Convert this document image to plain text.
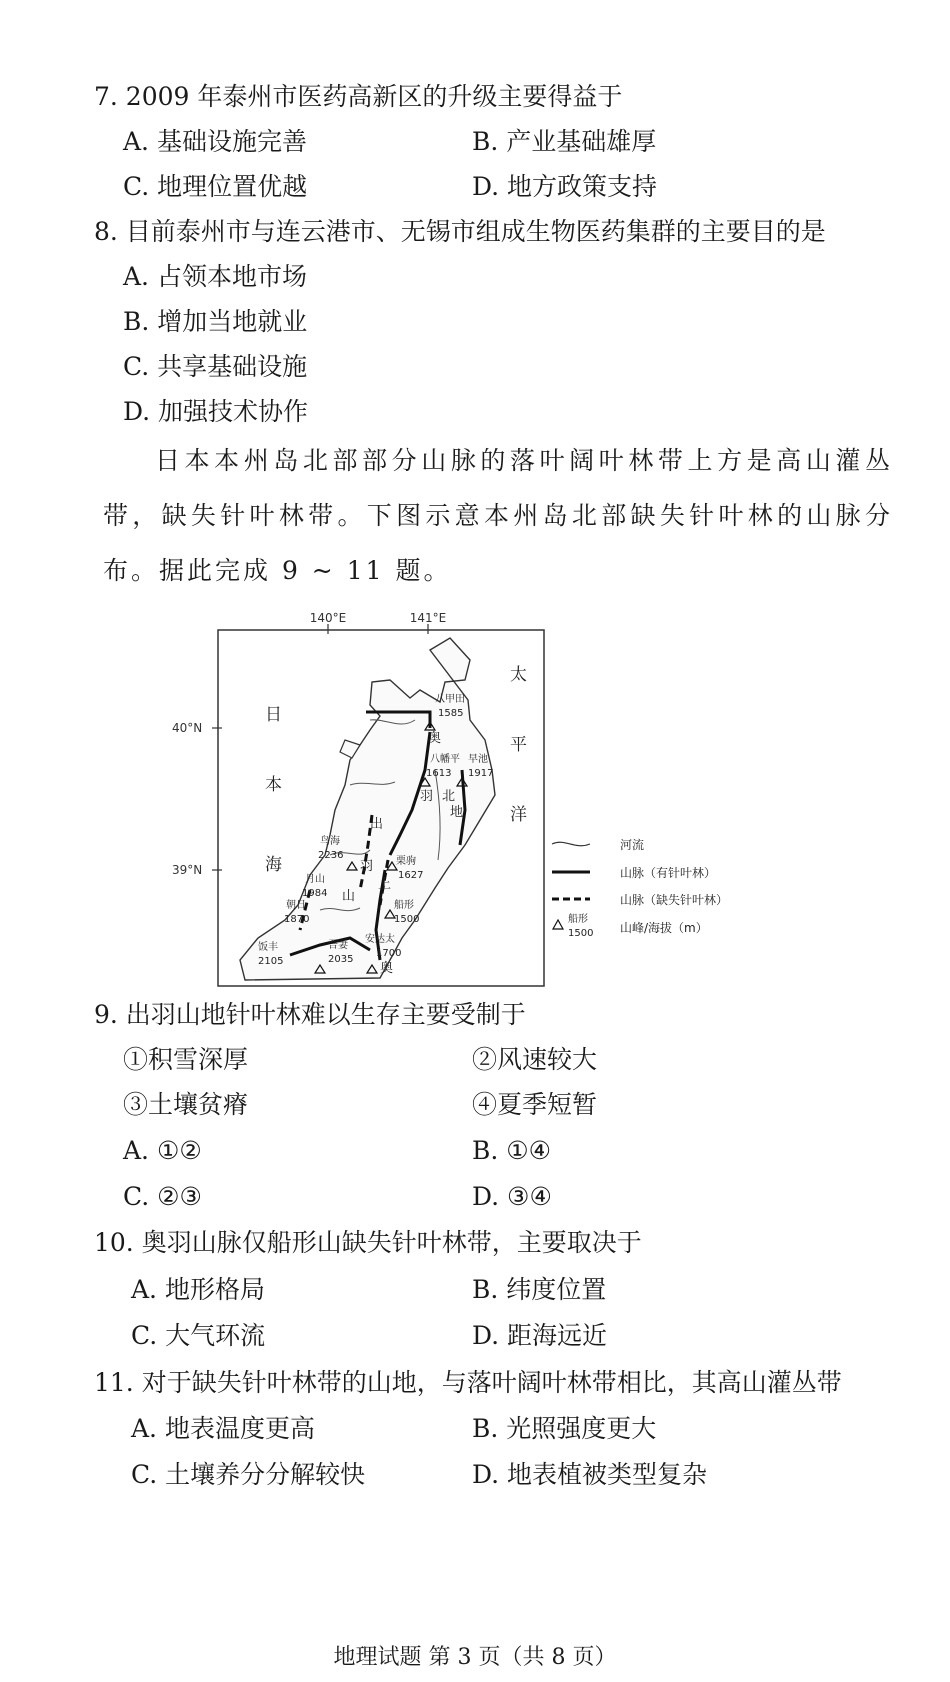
7. 2009 年泰州市医药高新区的升级主要得益于
A. 基础设施完善	B. 产业基础雄厚
C. 地理位置优越	D. 地方政策支持
8. 目前泰州市与连云港市、无锡市组成生物医药集群的主要目的是
A. 占领本地市场
B. 增加当地就业
C. 共享基础设施
D. 加强技术协作
日本本州岛北部部分山脉的落叶阔叶林带上方是高山灌丛带，缺失针叶林带。下图示意本州岛北部缺失针叶林的山脉分布。据此完成 9 ~ 11 题。
140°E	141°E
40°N
39°N
日
本
海
太
平
洋
奥
羽
出
羽
山
北
上
地
奥
八甲田
1585
八幡平
1613
早池
1917
鸟海
2236
栗驹
1627
月山
1984
船形
1500
朝日
1870
饭丰
2105
吾妻
2035
安达太
1700
河流
山脉（有针叶林）
山脉（缺失针叶林）
船形
1500 山峰/海拔（m）
9. 出羽山地针叶林难以生存主要受制于
①积雪深厚	②风速较大
③土壤贫瘠	④夏季短暂
A. ①②	B. ①④
C. ②③	D. ③④
10. 奥羽山脉仅船形山缺失针叶林带，主要取决于
A. 地形格局	B. 纬度位置
C. 大气环流	D. 距海远近
11. 对于缺失针叶林带的山地，与落叶阔叶林带相比，其高山灌丛带
A. 地表温度更高	B. 光照强度更大
C. 土壤养分分解较快	D. 地表植被类型复杂
地理试题 第 3 页（共 8 页）
